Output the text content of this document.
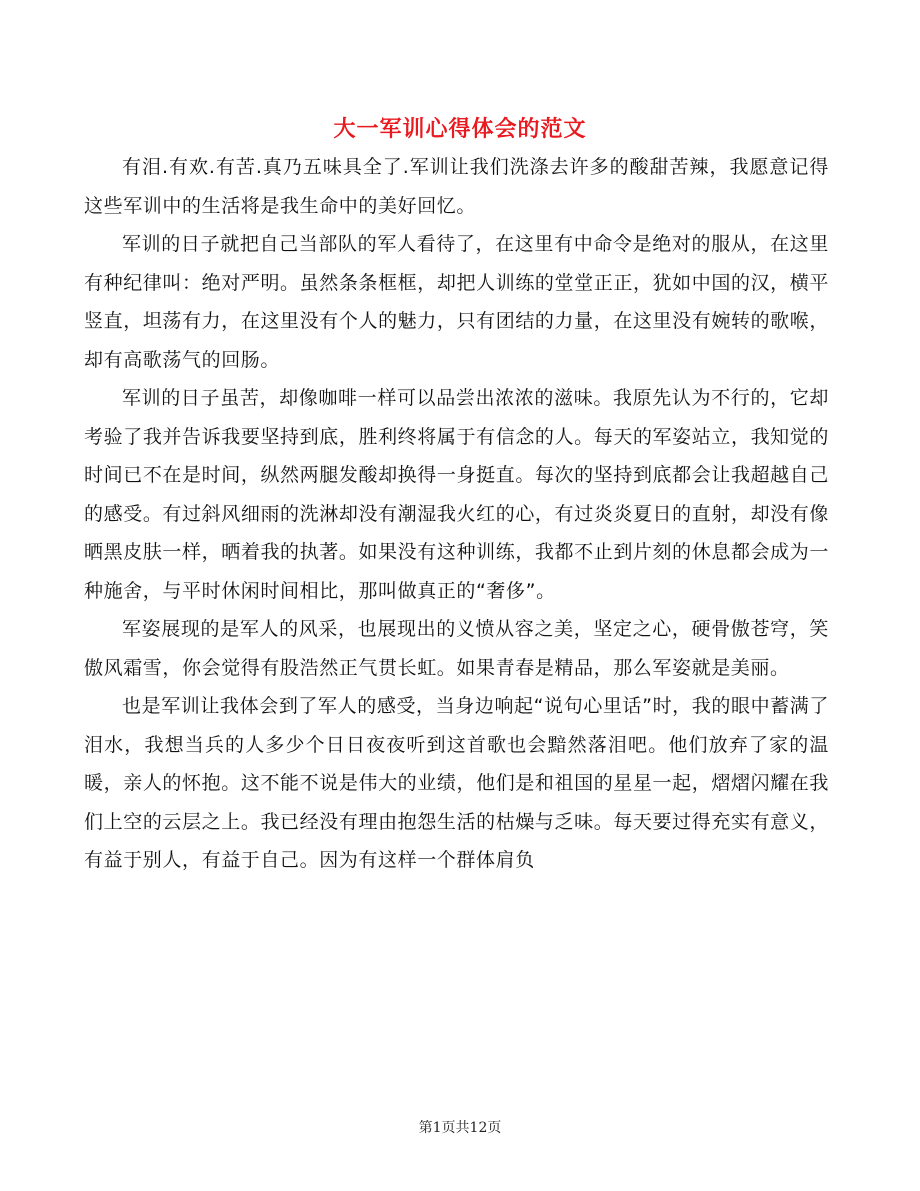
大一军训心得体会的范文

有泪.有欢.有苦.真乃五味具全了.军训让我们洗涤去许多的酸甜苦辣，我愿意记得这些军训中的生活将是我生命中的美好回忆。

军训的日子就把自己当部队的军人看待了，在这里有中命令是绝对的服从，在这里有种纪律叫：绝对严明。虽然条条框框，却把人训练的堂堂正正，犹如中国的汉，横平竖直，坦荡有力，在这里没有个人的魅力，只有团结的力量，在这里没有婉转的歌喉，却有高歌荡气的回肠。

军训的日子虽苦，却像咖啡一样可以品尝出浓浓的滋味。我原先认为不行的，它却考验了我并告诉我要坚持到底，胜利终将属于有信念的人。每天的军姿站立，我知觉的时间已不在是时间，纵然两腿发酸却换得一身挺直。每次的坚持到底都会让我超越自己的感受。有过斜风细雨的洗淋却没有潮湿我火红的心，有过炎炎夏日的直射，却没有像晒黑皮肤一样，晒着我的执著。如果没有这种训练，我都不止到片刻的休息都会成为一种施舍，与平时休闲时间相比，那叫做真正的“奢侈”。

军姿展现的是军人的风采，也展现出的义愤从容之美，坚定之心，硬骨傲苍穹，笑傲风霜雪，你会觉得有股浩然正气贯长虹。如果青春是精品，那么军姿就是美丽。

也是军训让我体会到了军人的感受，当身边响起“说句心里话”时，我的眼中蓄满了泪水，我想当兵的人多少个日日夜夜听到这首歌也会黯然落泪吧。他们放弃了家的温暖，亲人的怀抱。这不能不说是伟大的业绩，他们是和祖国的星星一起，熠熠闪耀在我们上空的云层之上。我已经没有理由抱怨生活的枯燥与乏味。每天要过得充实有意义，有益于别人，有益于自己。因为有这样一个群体肩负

第1页共12页
